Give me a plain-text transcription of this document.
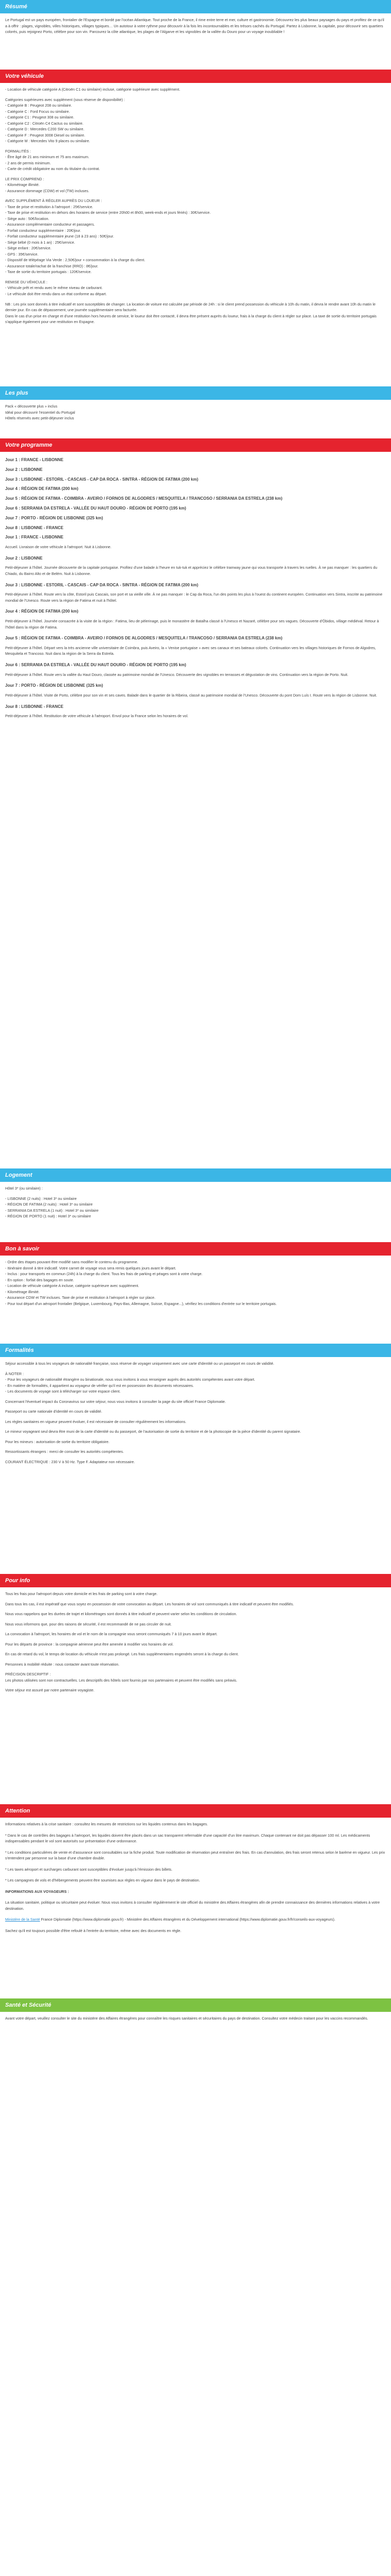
Résumé

Le Portugal est un pays européen, frontalier de l'Espagne et bordé par l'océan Atlantique. Tout proche de la France, il rime entre terre et mer, culture et gastronomie. Découvrez les plus beaux paysages du pays et profitez de ce qu'il a à offrir : plages, vignobles, villes historiques, villages typiques… Un autotour à votre rythme pour découvrir à la fois les incontournables et les trésors cachés du Portugal. Partez à Lisbonne, la capitale, pour découvrir ses quartiers colorés, puis rejoignez Porto, célèbre pour son vin. Parcourez la côte atlantique, les plages de l'Algarve et les vignobles de la vallée du Douro pour un voyage inoubliable !

Votre véhicule
- Location de véhicule catégorie A (Citroën C1 ou similaire) incluse, catégorie supérieure avec supplément.
Catégories supérieures avec supplément (sous réserve de disponibilité) :
- Catégorie B : Peugeot 208 ou similaire.
- Catégorie C : Ford Focus ou similaire.
- Catégorie C1 : Peugeot 308 ou similaire.
- Catégorie C2 : Citroën C4 Cactus ou similaire.
- Catégorie D : Mercedes C200 SW ou similaire.
- Catégorie F : Peugeot 3008 Diesel ou similaire.
- Catégorie M : Mercedes Vito 9 places ou similaire.
FORMALITÉS :
- Être âgé de 21 ans minimum et 75 ans maximum.
- 2 ans de permis minimum.
- Carte de crédit obligatoire au nom du titulaire du contrat.
LE PRIX COMPREND :
- Kilométrage illimité.
- Assurance dommage (CDW) et vol (TW) incluses.
AVEC SUPPLÉMENT À RÉGLER AUPRÈS DU LOUEUR :
- Taxe de prise et restitution à l'aéroport : 25€/service.
- Taxe de prise et restitution en dehors des horaires de service (entre 20h00 et 8h00, week-ends et jours fériés) : 30€/service.
- Siège auto : 50€/location.
- Assurance complémentaire conducteur et passagers.
- Forfait conducteur supplémentaire : 20€/jour.
- Forfait conducteur supplémentaire jeune (18 à 23 ans) : 50€/jour.
- Siège bébé (0 mois à 1 an) : 25€/service.
- Siège enfant : 20€/service.
- GPS : 35€/service.
- Dispositif de télépéage Via Verde : 2,50€/jour + consommation à la charge du client.
- Assurance totale/rachat de la franchise (RRO) : 8€/jour.
- Taxe de sortie du territoire portugais : 120€/service.
REMISE DU VÉHICULE :
- Véhicule prêt et rendu avec le même niveau de carburant.
- Le véhicule doit être rendu dans un état conforme au départ.
NB : Les prix sont donnés à titre indicatif et sont susceptibles de changer. La location de voiture est calculée par période de 24h : si le client prend possession du véhicule à 10h du matin, il devra le rendre avant 10h du matin le dernier jour. En cas de dépassement, une journée supplémentaire sera facturée.
Dans le cas d'un prise en charge et d'une restitution hors heures de service, le loueur doit être contacté, il devra être présent auprès du loueur, frais à la charge du client à régler sur place. La taxe de sortie du territoire portugais s'applique également pour une restitution en Espagne.
Les plus
Pack « découverte plus » inclus
Idéal pour découvrir l'essentiel du Portugal
Hôtels réservés avec petit-déjeuner inclus
Votre programme
Jour 1 : FRANCE - LISBONNE
Jour 2 : LISBONNE
Jour 3 : LISBONNE - ESTORIL - CASCAIS - CAP DA ROCA - SINTRA - RÉGION DE FATIMA (200 km)
Jour 4 : RÉGION DE FATIMA (200 km)
Jour 5 : RÉGION DE FATIMA - COIMBRA - AVEIRO / FORNOS DE ALGODRES / MESQUITELA / TRANCOSO / SERRANIA DA ESTRELA (238 km)
Jour 6 : SERRANIA DA ESTRELA - VALLÉE DU HAUT DOURO - RÉGION DE PORTO (195 km)
Jour 7 : PORTO - RÉGION DE LISBONNE (325 km)
Jour 8 : LISBONNE - FRANCE
Jour 1 : FRANCE - LISBONNE
Accueil. Livraison de votre véhicule à l'aéroport. Nuit à Lisbonne.
Jour 2 : LISBONNE
Petit-déjeuner à l'hôtel. Journée découverte de la capitale portugaise. Profitez d'une balade à l'heure en tuk-tuk et appréciez le célèbre tramway jaune qui vous transporte à travers les ruelles. À ne pas manquer : les quartiers du Chiado, du Bairro Alto et de Belém. Nuit à Lisbonne.
Jour 3 : LISBONNE - ESTORIL - CASCAIS - CAP DA ROCA - SINTRA - RÉGION DE FATIMA (200 km)
Petit-déjeuner à l'hôtel. Route vers la côte, Estoril puis Cascais, son port et sa vieille ville. À ne pas manquer : le Cap da Roca, l'un des points les plus à l'ouest du continent européen. Continuation vers Sintra, inscrite au patrimoine mondial de l'Unesco. Route vers la région de Fatima et nuit à l'hôtel.
Jour 4 : RÉGION DE FATIMA (200 km)
Petit-déjeuner à l'hôtel. Journée consacrée à la visite de la région : Fatima, lieu de pèlerinage, puis le monastère de Batalha classé à l'Unesco et Nazaré, célèbre pour ses vagues. Découverte d'Óbidos, village médiéval. Retour à l'hôtel dans la région de Fatima.
Jour 5 : RÉGION DE FATIMA - COIMBRA - AVEIRO / FORNOS DE ALGODRES / MESQUITELA / TRANCOSO / SERRANIA DA ESTRELA (238 km)
Petit-déjeuner à l'hôtel. Départ vers la très ancienne ville universitaire de Coimbra, puis Aveiro, la « Venise portugaise » avec ses canaux et ses bateaux colorés. Continuation vers les villages historiques de Fornos de Algodres, Mesquitela et Trancoso. Nuit dans la région de la Serra da Estrela.
Jour 6 : SERRANIA DA ESTRELA - VALLÉE DU HAUT DOURO - RÉGION DE PORTO (195 km)
Petit-déjeuner à l'hôtel. Route vers la vallée du Haut Douro, classée au patrimoine mondial de l'Unesco. Découverte des vignobles en terrasses et dégustation de vins. Continuation vers la région de Porto. Nuit.
Jour 7 : PORTO - RÉGION DE LISBONNE (325 km)
Petit-déjeuner à l'hôtel. Visite de Porto, célèbre pour son vin et ses caves. Balade dans le quartier de la Ribeira, classé au patrimoine mondial de l'Unesco. Découverte du pont Dom Luís I. Route vers la région de Lisbonne. Nuit.
Jour 8 : LISBONNE - FRANCE
Petit-déjeuner à l'hôtel. Restitution de votre véhicule à l'aéroport. Envol pour la France selon les horaires de vol.
Logement
Hôtel 3* (ou similaire) :
- LISBONNE (2 nuits) : Hotel 3* ou similaire
- RÉGION DE FATIMA (2 nuits) : Hotel 3* ou similaire
- SERRANIA DA ESTRELA (1 nuit) : Hotel 3* ou similaire
- RÉGION DE PORTO (1 nuit) : Hotel 3* ou similaire
Bon à savoir
- Ordre des étapes pouvant être modifié sans modifier le contenu du programme.
- Itinéraire donné à titre indicatif. Votre carnet de voyage vous sera remis quelques jours avant le départ.
- Inclus : pour transports en commun (24h) à la charge du client. Tous les frais de parking et péages sont à votre charge.
- En option : forfait des bagages en soute.
- Location de véhicule catégorie A incluse, catégorie supérieure avec supplément.
- Kilométrage illimité.
- Assurance CDW et TW incluses. Taxe de prise et restitution à l'aéroport à régler sur place.
- Pour tout départ d'un aéroport frontalier (Belgique, Luxembourg, Pays-Bas, Allemagne, Suisse, Espagne...), vérifiez les conditions d'entrée sur le territoire portugais.
Formalités
Séjour accessible à tous les voyageurs de nationalité française, sous réserve de voyager uniquement avec une carte d'identité ou un passeport en cours de validité.
À NOTER :
- Pour les voyageurs de nationalité étrangère ou binationale, nous vous invitons à vous renseigner auprès des autorités compétentes avant votre départ.
- En matière de formalités, il appartient au voyageur de vérifier qu'il est en possession des documents nécessaires.
- Les documents de voyage sont à télécharger sur votre espace client.
Concernant l'éventuel impact du Coronavirus sur votre séjour, nous vous invitons à consulter la page du site officiel France Diplomatie.
Passeport ou carte nationale d'identité en cours de validité.
Les règles sanitaires en vigueur peuvent évoluer, il est nécessaire de consulter régulièrement les informations.
Le mineur voyageant seul devra être muni de la carte d'identité ou du passeport, de l'autorisation de sortie du territoire et de la photocopie de la pièce d'identité du parent signataire.
Pour les mineurs : autorisation de sortie du territoire obligatoire.
Ressortissants étrangers : merci de consulter les autorités compétentes.
COURANT ÉLECTRIQUE : 230 V à 50 Hz. Type F. Adaptateur non nécessaire.
Pour info
Tous les frais pour l'aéroport depuis votre domicile et les frais de parking sont à votre charge.
Dans tous les cas, il est impératif que vous soyez en possession de votre convocation au départ. Les horaires de vol sont communiqués à titre indicatif et peuvent être modifiés.
Nous vous rappelons que les durées de trajet et kilométrages sont donnés à titre indicatif et peuvent varier selon les conditions de circulation.
Nous vous informons que, pour des raisons de sécurité, il est recommandé de ne pas circuler de nuit.
La convocation à l'aéroport, les horaires de vol et le nom de la compagnie vous seront communiqués 7 à 10 jours avant le départ.
Pour les départs de province : la compagnie aérienne peut être amenée à modifier vos horaires de vol.
En cas de retard du vol, le temps de location du véhicule n'est pas prolongé. Les frais supplémentaires engendrés seront à la charge du client.
Personnes à mobilité réduite : nous contacter avant toute réservation.
PRÉCISION DESCRIPTIF :
Les photos utilisées sont non contractuelles. Les descriptifs des hôtels sont fournis par nos partenaires et peuvent être modifiés sans préavis.
Votre séjour est assuré par notre partenaire voyagiste.
Attention
Informations relatives à la crise sanitaire : consultez les mesures de restrictions sur les liquides contenus dans les bagages.
* Dans le cas de contrôles des bagages à l'aéroport, les liquides doivent être placés dans un sac transparent refermable d'une capacité d'un litre maximum. Chaque contenant ne doit pas dépasser 100 ml. Les médicaments indispensables pendant le vol sont autorisés sur présentation d'une ordonnance.
* Les conditions particulières de vente et d'assurance sont consultables sur la fiche produit. Toute modification de réservation peut entraîner des frais. En cas d'annulation, des frais seront retenus selon le barème en vigueur. Les prix s'entendent par personne sur la base d'une chambre double.
* Les taxes aéroport et surcharges carburant sont susceptibles d'évoluer jusqu'à l'émission des billets.
* Les campagnes de vols et d'hébergements peuvent être soumises aux règles en vigueur dans le pays de destination.
INFORMATIONS AUX VOYAGEURS :
La situation sanitaire, politique ou sécuritaire peut évoluer. Nous vous invitons à consulter régulièrement le site officiel du ministère des Affaires étrangères afin de prendre connaissance des dernières informations relatives à votre destination.
Ministère de la Santé France Diplomatie (https://www.diplomatie.gouv.fr) - Ministère des Affaires étrangères et du Développement international (https://www.diplomatie.gouv.fr/fr/conseils-aux-voyageurs).
Sachez qu'il est toujours possible d'être refoulé à l'entrée du territoire, même avec des documents en règle.
Santé et Sécurité

Avant votre départ, veuillez consulter le site du ministère des Affaires étrangères pour connaître les risques sanitaires et sécuritaires du pays de destination. Consultez votre médecin traitant pour les vaccins recommandés.
